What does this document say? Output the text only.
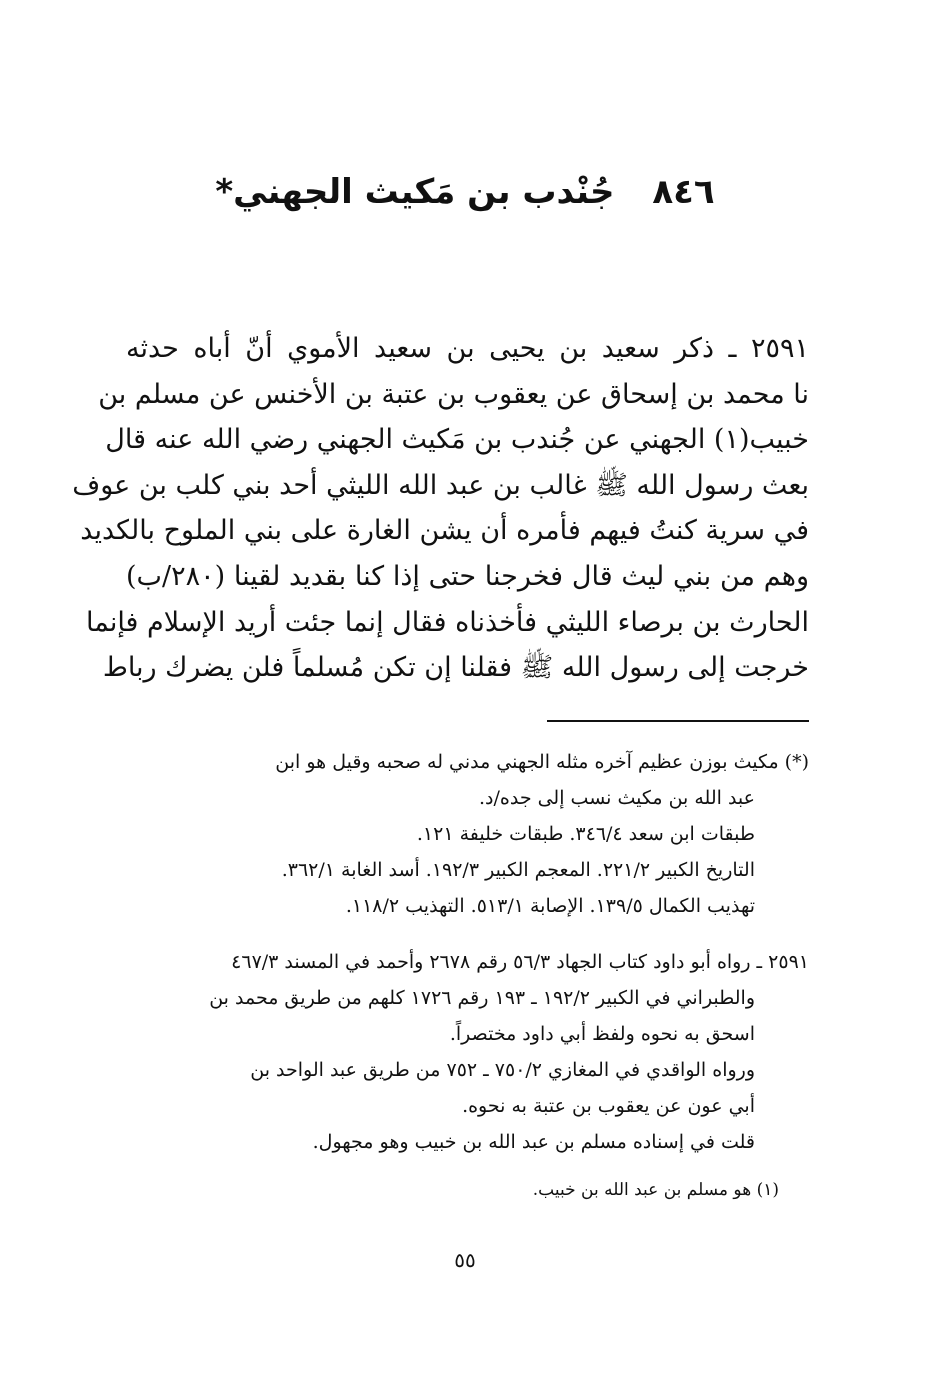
٨٤٦ جُنْدب بن مَكيث الجهني*
٢٥٩١ ـ ذكر سعيد بن يحيى بن سعيد الأموي أنّ أباه حدثه
نا محمد بن إسحاق عن يعقوب بن عتبة بن الأخنس عن مسلم بن
خبيب(١) الجهني عن جُندب بن مَكيث الجهني رضي الله عنه قال
بعث رسول الله ﷺ غالب بن عبد الله الليثي أحد بني كلب بن عوف
في سرية كنتُ فيهم فأمره أن يشن الغارة على بني الملوح بالكديد
وهم من بني ليث قال فخرجنا حتى إذا كنا بقديد لقينا (٢٨٠/ب)
الحارث بن برصاء الليثي فأخذناه فقال إنما جئت أريد الإسلام فإنما
خرجت إلى رسول الله ﷺ فقلنا إن تكن مُسلماً فلن يضرك رباط
(*) مكيث بوزن عظيم آخره مثله الجهني مدني له صحبه وقيل هو ابن
عبد الله بن مكيث نسب إلى جده/د.
طبقات ابن سعد ٣٤٦/٤. طبقات خليفة ١٢١.
التاريخ الكبير ٢٢١/٢. المعجم الكبير ١٩٢/٣. أسد الغابة ٣٦٢/١.
تهذيب الكمال ١٣٩/٥. الإصابة ٥١٣/١. التهذيب ١١٨/٢.
٢٥٩١ ـ رواه أبو داود كتاب الجهاد ٥٦/٣ رقم ٢٦٧٨ وأحمد في المسند ٤٦٧/٣
والطبراني في الكبير ١٩٢/٢ ـ ١٩٣ رقم ١٧٢٦ كلهم من طريق محمد بن
اسحق به نحوه ولفظ أبي داود مختصراً.
ورواه الواقدي في المغازي ٧٥٠/٢ ـ ٧٥٢ من طريق عبد الواحد بن
أبي عون عن يعقوب بن عتبة به نحوه.
قلت في إسناده مسلم بن عبد الله بن خبيب وهو مجهول.
(١) هو مسلم بن عبد الله بن خبيب.
٥٥
